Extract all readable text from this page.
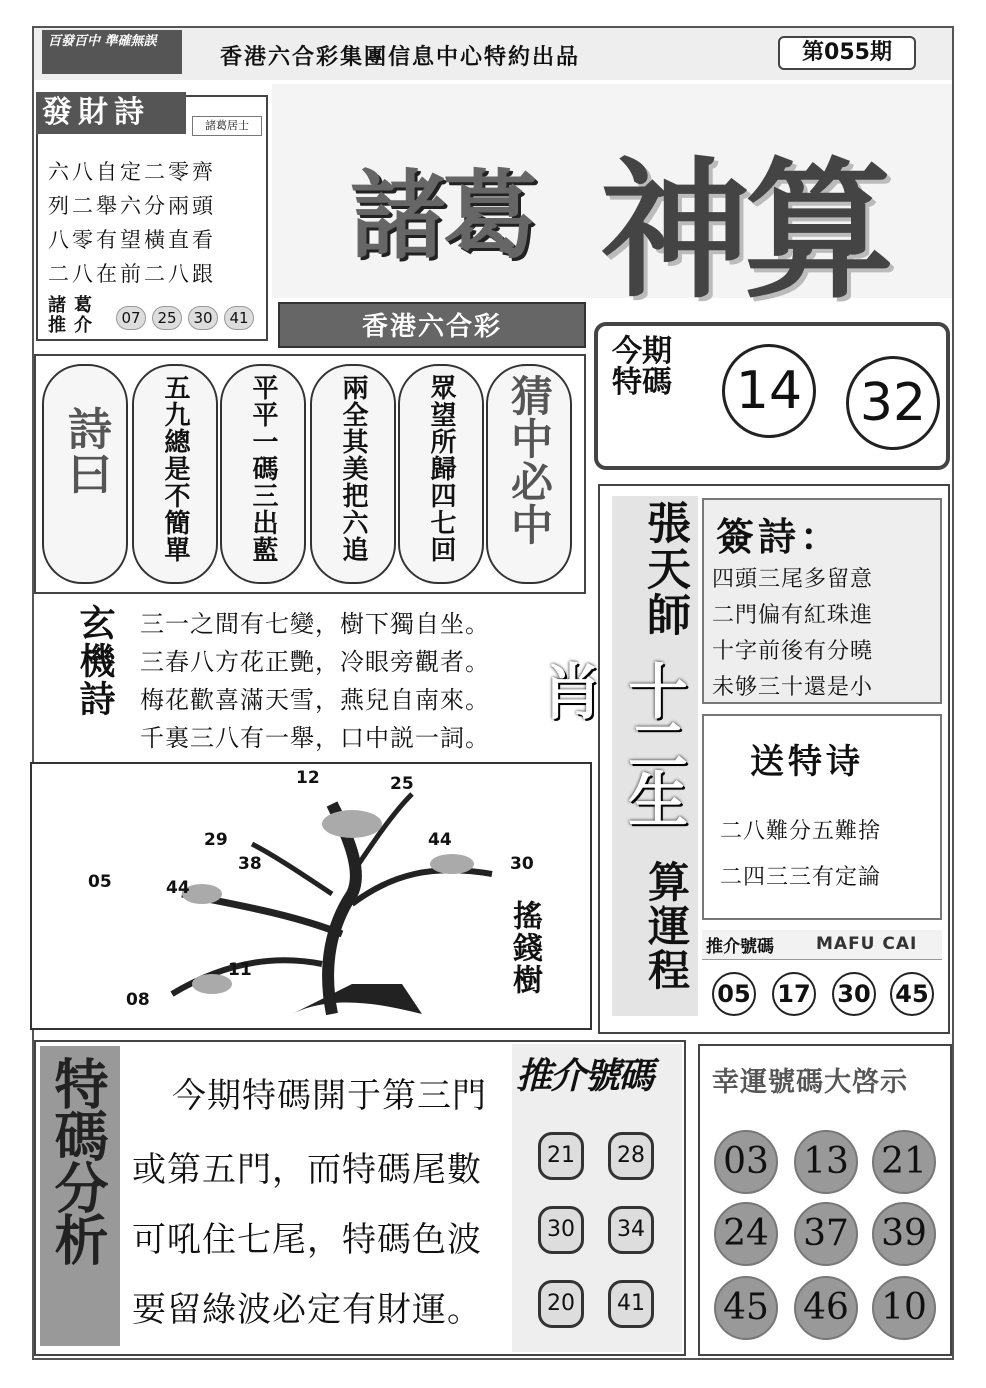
百發百中 準確無誤
香港六合彩集團信息中心特約出品	第055期
發財詩	諸葛居士
六八自定二零齊
列二舉六分兩頭
八零有望橫直看
二八在前二八跟
諸葛推介	07	25	30	41
諸葛 神算
香港六合彩
今期特碼 14 32
詩曰	五九總是不簡單 平平一碼三出藍 兩全其美把六追 眾望所歸四七回	猜中必中
玄機詩 三一之間有七變，樹下獨自坐。
三春八方花正艷，冷眼旁觀者。
梅花歡喜滿天雪，燕兒自南來。
千裏三八有一舉，口中説一詞。
12	25
29
38
44
30
05	44
11
08
搖錢樹
張天師
十二生肖
算運程
簽詩：
四頭三尾多留意
二門偏有紅珠進
十字前後有分曉
未够三十還是小
送特诗
二八難分五難捨
二四三三有定論
推介號碼	MAFU CAI
05 17 30 45
特碼分析 今期特碼開于第三門
或第五門，而特碼尾數
可吼住七尾，特碼色波
要留綠波必定有財運。
推介號碼
21	28
30	34
20	41
幸運號碼大啓示
03 13 21
24 37 39
45 46 10
